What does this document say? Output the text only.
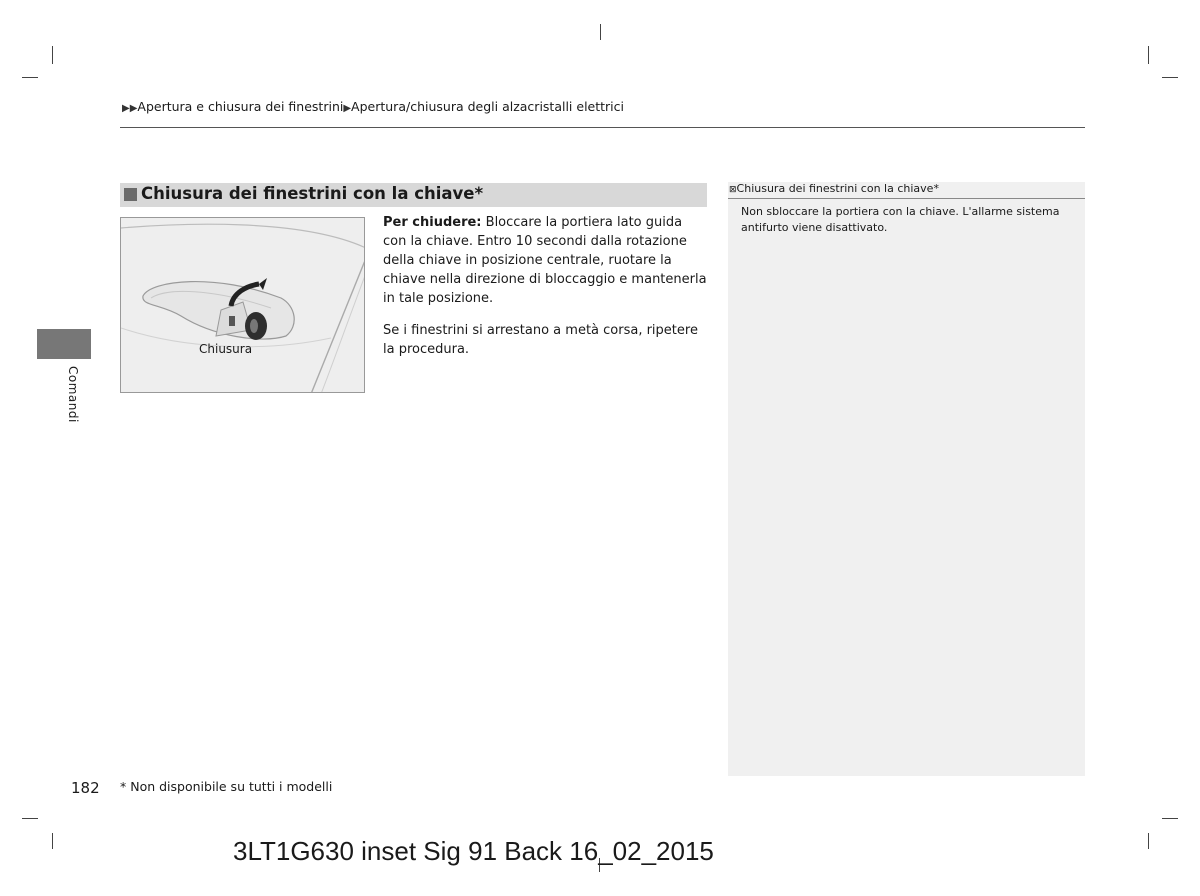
▶▶Apertura e chiusura dei finestrini▶Apertura/chiusura degli alzacristalli elettrici
Comandi
Chiusura dei finestrini con la chiave*
Chiusura

Per chiudere: Bloccare la portiera lato guida con la chiave. Entro 10 secondi dalla rotazione della chiave in posizione centrale, ruotare la chiave nella direzione di bloccaggio e mantenerla in tale posizione.

Se i finestrini si arrestano a metà corsa, ripetere la procedura.

⊠Chiusura dei finestrini con la chiave*
Non sbloccare la portiera con la chiave. L'allarme sistema antifurto viene disattivato.
182 * Non disponibile su tutti i modelli
3LT1G630 inset Sig 91 Back 16_02_2015
